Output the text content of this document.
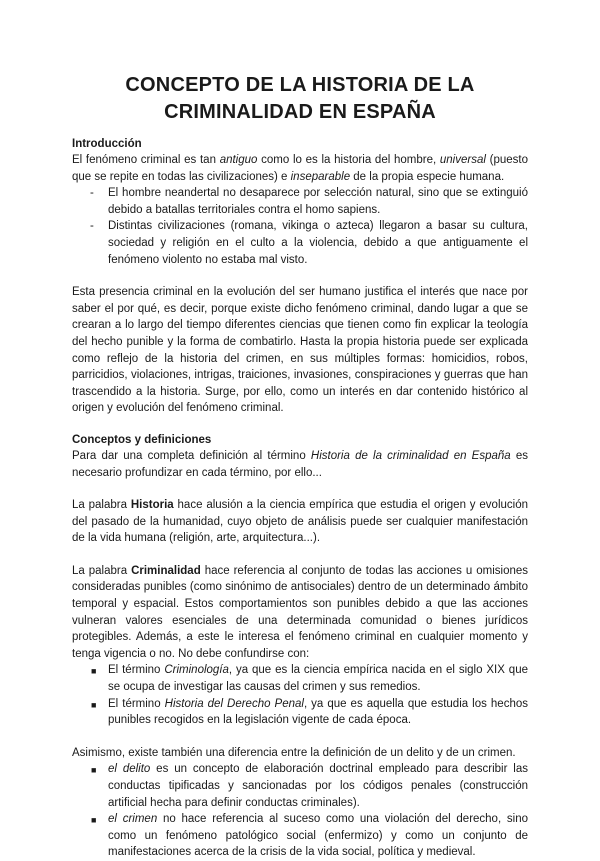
CONCEPTO DE LA HISTORIA DE LA
CRIMINALIDAD EN ESPAÑA
Introducción

El fenómeno criminal es tan antiguo como lo es la historia del hombre, universal (puesto que se repite en todas las civilizaciones) e inseparable de la propia especie humana.

- El hombre neandertal no desaparece por selección natural, sino que se extinguió debido a batallas territoriales contra el homo sapiens.
- Distintas civilizaciones (romana, vikinga o azteca) llegaron a basar su cultura, sociedad y religión en el culto a la violencia, debido a que antiguamente el fenómeno violento no estaba mal visto.

Esta presencia criminal en la evolución del ser humano justifica el interés que nace por saber el por qué, es decir, porque existe dicho fenómeno criminal, dando lugar a que se crearan a lo largo del tiempo diferentes ciencias que tienen como fin explicar la teología del hecho punible y la forma de combatirlo. Hasta la propia historia puede ser explicada como reflejo de la historia del crimen, en sus múltiples formas: homicidios, robos, parricidios, violaciones, intrigas, traiciones, invasiones, conspiraciones y guerras que han trascendido a la historia. Surge, por ello, como un interés en dar contenido histórico al origen y evolución del fenómeno criminal.

Conceptos y definiciones

Para dar una completa definición al término Historia de la criminalidad en España es necesario profundizar en cada término, por ello...

La palabra Historia hace alusión a la ciencia empírica que estudia el origen y evolución del pasado de la humanidad, cuyo objeto de análisis puede ser cualquier manifestación de la vida humana (religión, arte, arquitectura...).

La palabra Criminalidad hace referencia al conjunto de todas las acciones u omisiones consideradas punibles (como sinónimo de antisociales) dentro de un determinado ámbito temporal y espacial. Estos comportamientos son punibles debido a que las acciones vulneran valores esenciales de una determinada comunidad o bienes jurídicos protegibles. Además, a este le interesa el fenómeno criminal en cualquier momento y tenga vigencia o no. No debe confundirse con:

■ El término Criminología, ya que es la ciencia empírica nacida en el siglo XIX que se ocupa de investigar las causas del crimen y sus remedios.
■ El término Historia del Derecho Penal, ya que es aquella que estudia los hechos punibles recogidos en la legislación vigente de cada época.

Asimismo, existe también una diferencia entre la definición de un delito y de un crimen.

■ el delito es un concepto de elaboración doctrinal empleado para describir las conductas tipificadas y sancionadas por los códigos penales (construcción artificial hecha para definir conductas criminales).
■ el crimen no hace referencia al suceso como una violación del derecho, sino como un fenómeno patológico social (enfermizo) y como un conjunto de manifestaciones acerca de la crisis de la vida social, política y medieval.
